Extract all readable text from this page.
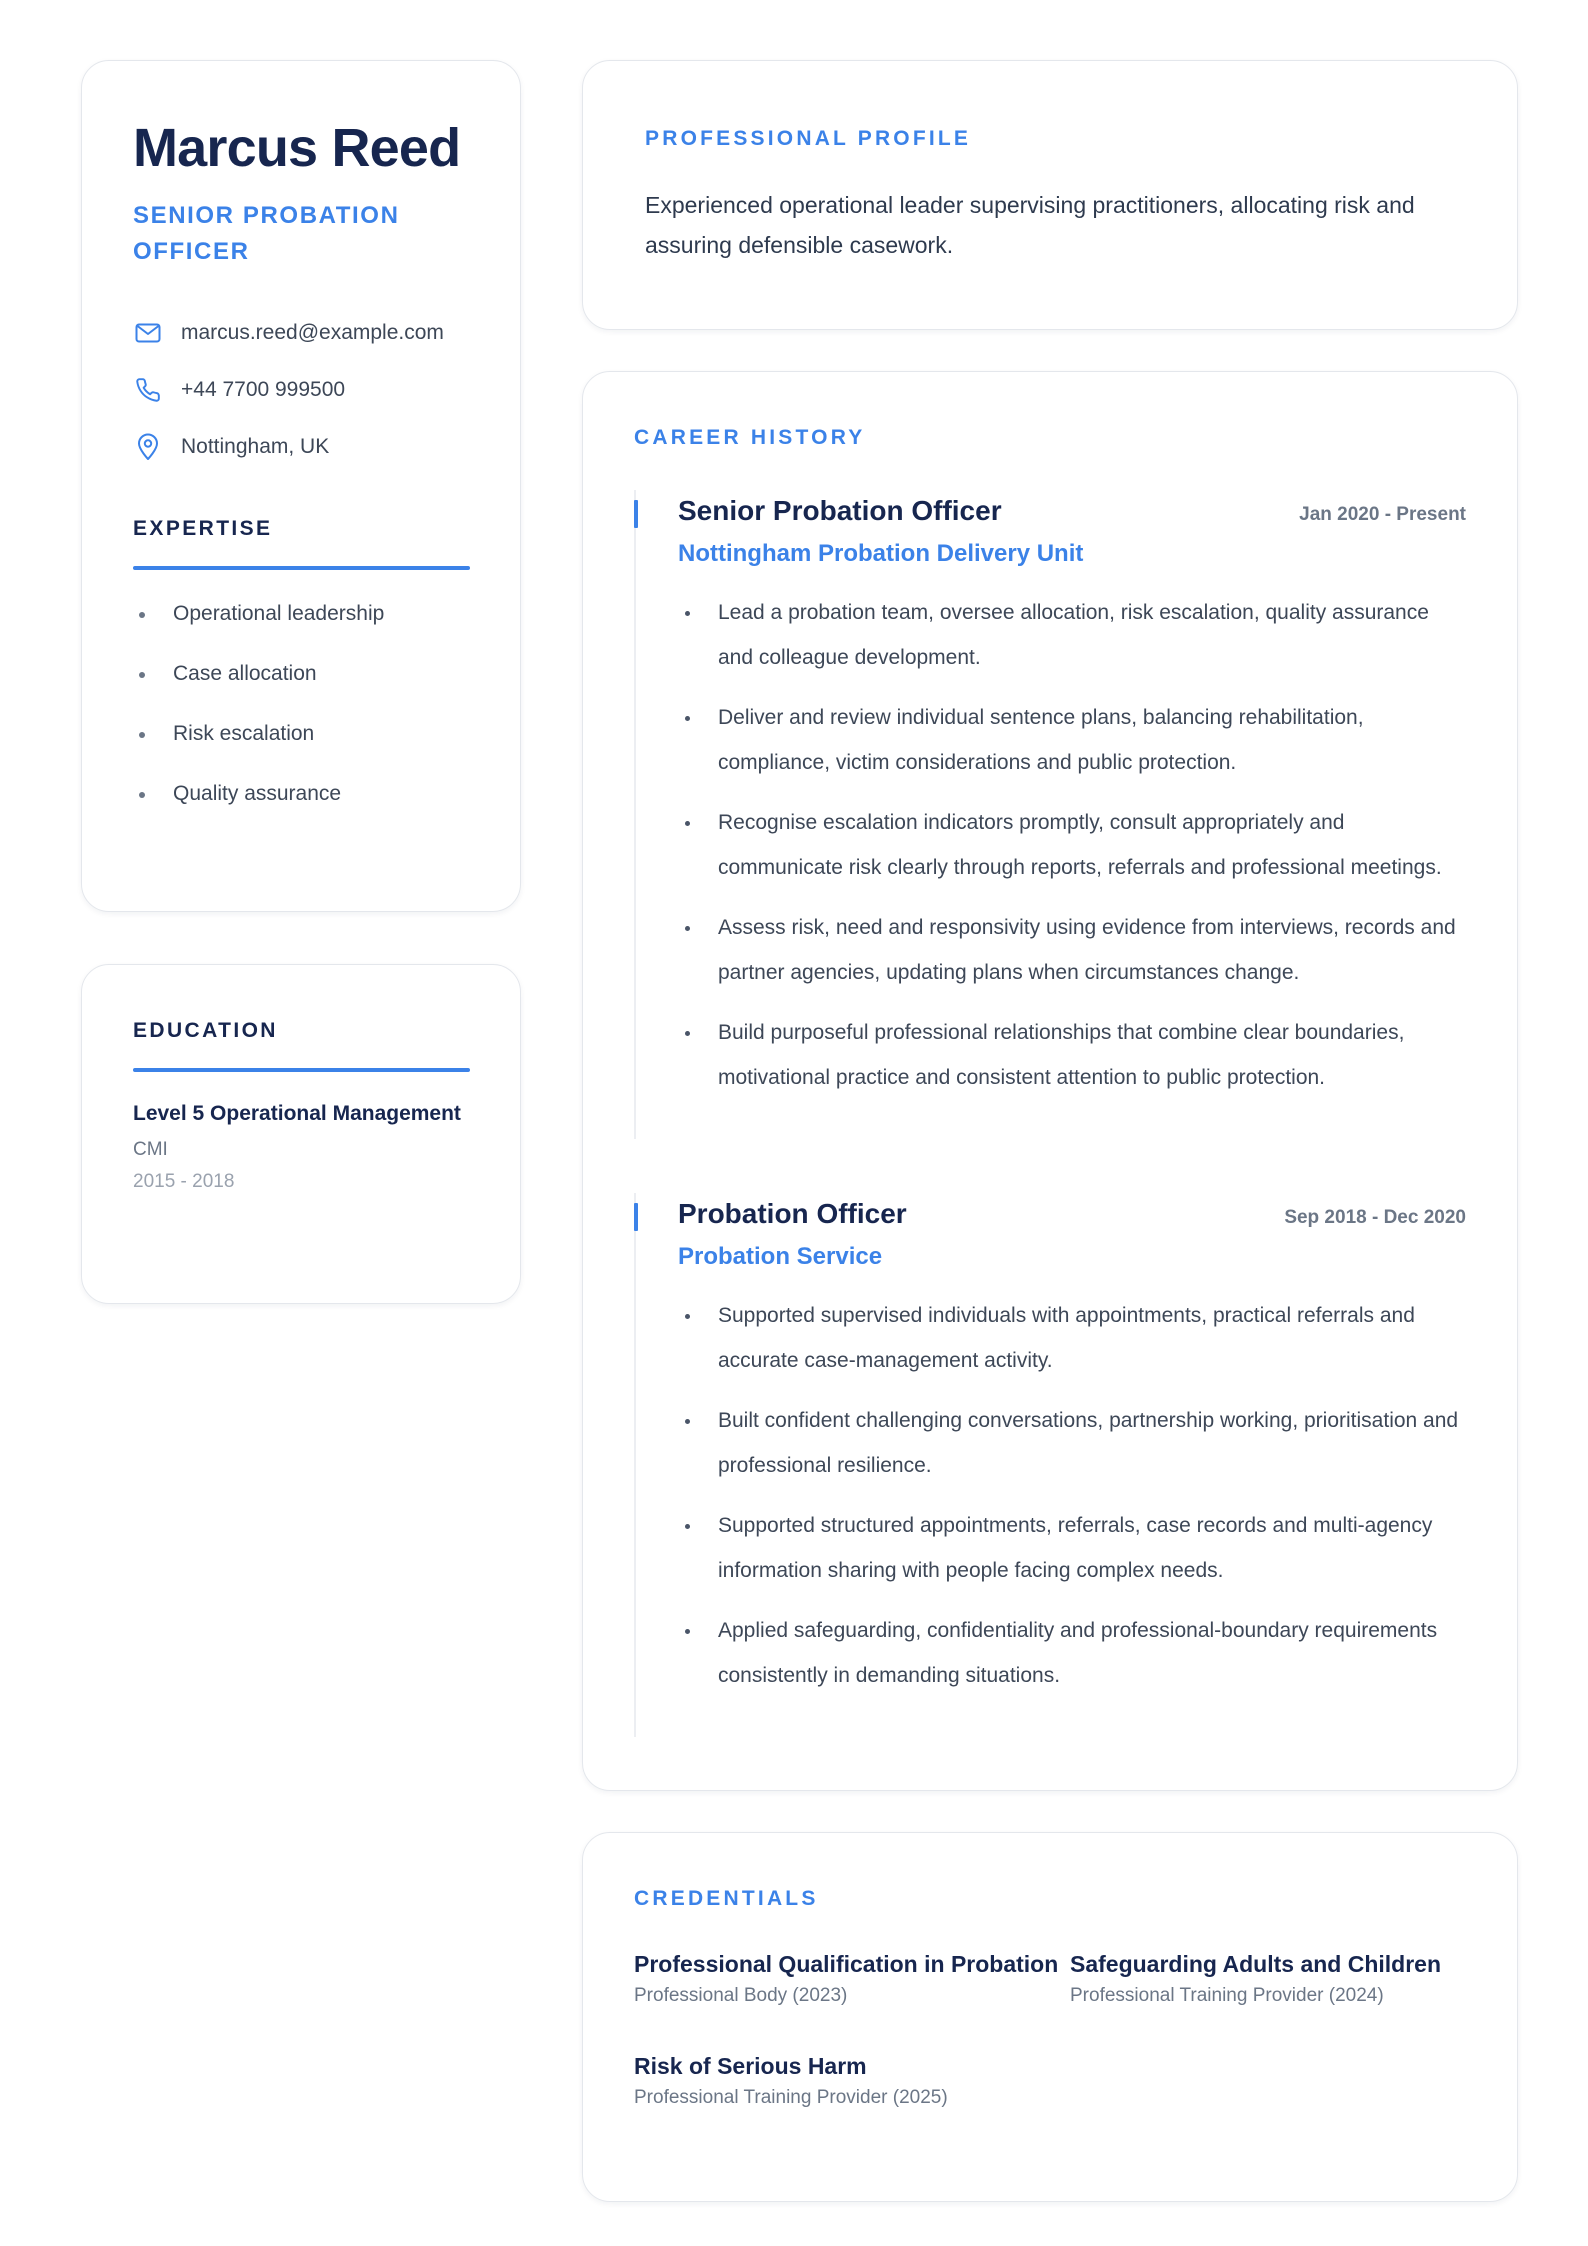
Marcus Reed
SENIOR PROBATION OFFICER
marcus.reed@example.com
+44 7700 999500
Nottingham, UK
EXPERTISE
Operational leadership
Case allocation
Risk escalation
Quality assurance
EDUCATION
Level 5 Operational Management
CMI
2015 - 2018
PROFESSIONAL PROFILE

Experienced operational leader supervising practitioners, allocating risk and assuring defensible casework.

CAREER HISTORY
Senior Probation Officer	Jan 2020 - Present
Nottingham Probation Delivery Unit
Lead a probation team, oversee allocation, risk escalation, quality assurance and colleague development.
Deliver and review individual sentence plans, balancing rehabilitation, compliance, victim considerations and public protection.
Recognise escalation indicators promptly, consult appropriately and communicate risk clearly through reports, referrals and professional meetings.
Assess risk, need and responsivity using evidence from interviews, records and partner agencies, updating plans when circumstances change.
Build purposeful professional relationships that combine clear boundaries, motivational practice and consistent attention to public protection.
Probation Officer	Sep 2018 - Dec 2020
Probation Service
Supported supervised individuals with appointments, practical referrals and accurate case-management activity.
Built confident challenging conversations, partnership working, prioritisation and professional resilience.
Supported structured appointments, referrals, case records and multi-agency information sharing with people facing complex needs.
Applied safeguarding, confidentiality and professional-boundary requirements consistently in demanding situations.
CREDENTIALS
Professional Qualification in Probation
Professional Body (2023)
Safeguarding Adults and Children
Professional Training Provider (2024)
Risk of Serious Harm
Professional Training Provider (2025)
